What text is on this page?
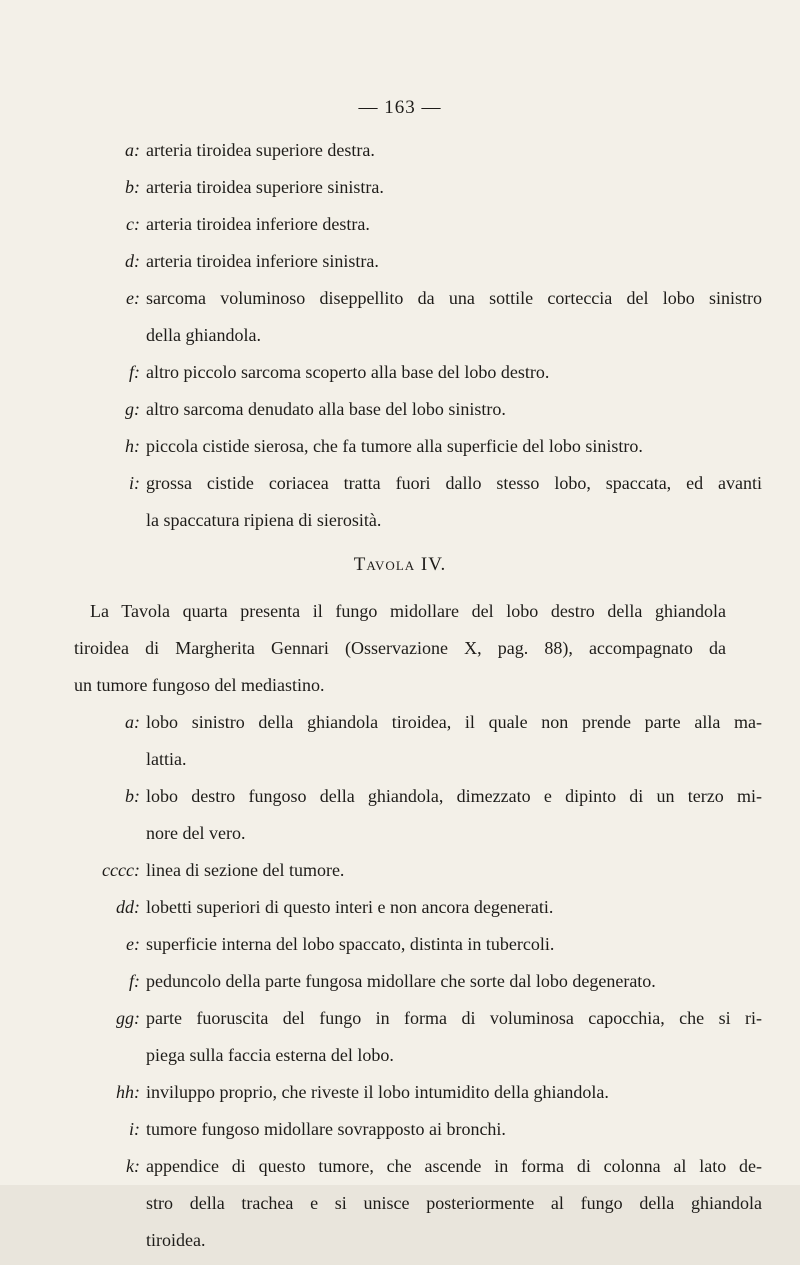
— 163 —
a: arteria tiroidea superiore destra.
b: arteria tiroidea superiore sinistra.
c: arteria tiroidea inferiore destra.
d: arteria tiroidea inferiore sinistra.
e: sarcoma voluminoso diseppellito da una sottile corteccia del lobo sinistro
della ghiandola.
f: altro piccolo sarcoma scoperto alla base del lobo destro.
g: altro sarcoma denudato alla base del lobo sinistro.
h: piccola cistide sierosa, che fa tumore alla superficie del lobo sinistro.
i: grossa cistide coriacea tratta fuori dallo stesso lobo, spaccata, ed avanti
la spaccatura ripiena di sierosità.
Tavola IV.
La Tavola quarta presenta il fungo midollare del lobo destro della ghiandola
tiroidea di Margherita Gennari (Osservazione X, pag. 88), accompagnato da
un tumore fungoso del mediastino.
a: lobo sinistro della ghiandola tiroidea, il quale non prende parte alla ma-
lattia.
b: lobo destro fungoso della ghiandola, dimezzato e dipinto di un terzo mi-
nore del vero.
cccc: linea di sezione del tumore.
dd: lobetti superiori di questo interi e non ancora degenerati.
e: superficie interna del lobo spaccato, distinta in tubercoli.
f: peduncolo della parte fungosa midollare che sorte dal lobo degenerato.
gg: parte fuoruscita del fungo in forma di voluminosa capocchia, che si ri-
piega sulla faccia esterna del lobo.
hh: inviluppo proprio, che riveste il lobo intumidito della ghiandola.
i: tumore fungoso midollare sovrapposto ai bronchi.
k: appendice di questo tumore, che ascende in forma di colonna al lato de-
stro della trachea e si unisce posteriormente al fungo della ghiandola
tiroidea.
